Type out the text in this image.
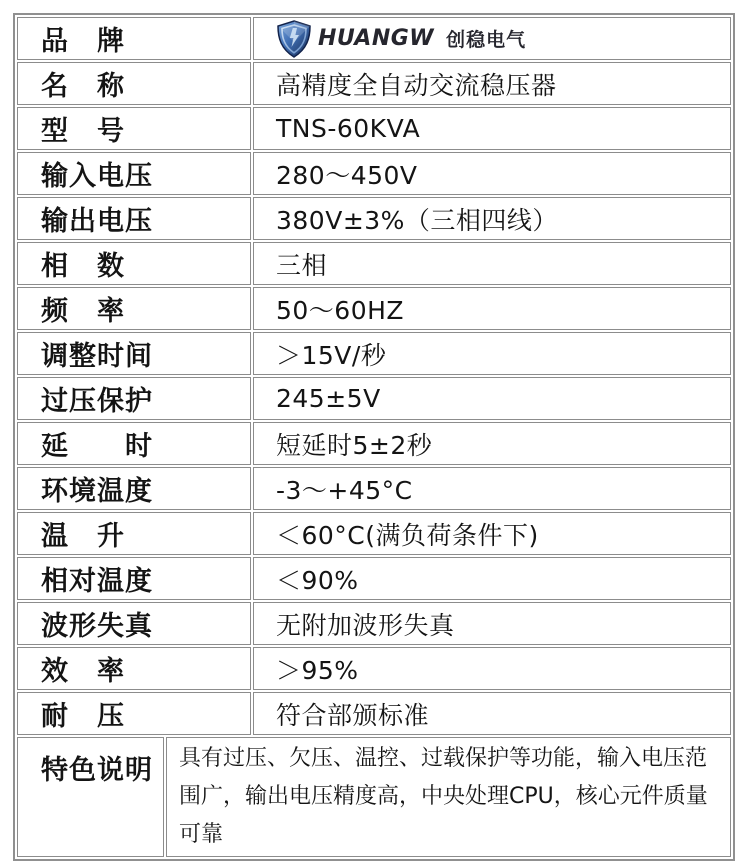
品　牌		HUANGW 创稳电气

名　称		高精度全自动交流稳压器
型　号		TNS-60KVA
输入电压		280～450V
输出电压		380V±3%（三相四线）
相　数		三相
频　率		50～60HZ
调整时间		＞15V/秒
过压保护		245±5V
延　　时		短延时5±2秒
环境温度		-3～+45°C
温　升		＜60°C(满负荷条件下)
相对温度		＜90%
波形失真		无附加波形失真
效　率		＞95%
耐　压		符合部颁标准
特色说明	具有过压、欠压、温控、过载保护等功能，输入电压范围广，输出电压精度高，中央处理CPU，核心元件质量可靠	
